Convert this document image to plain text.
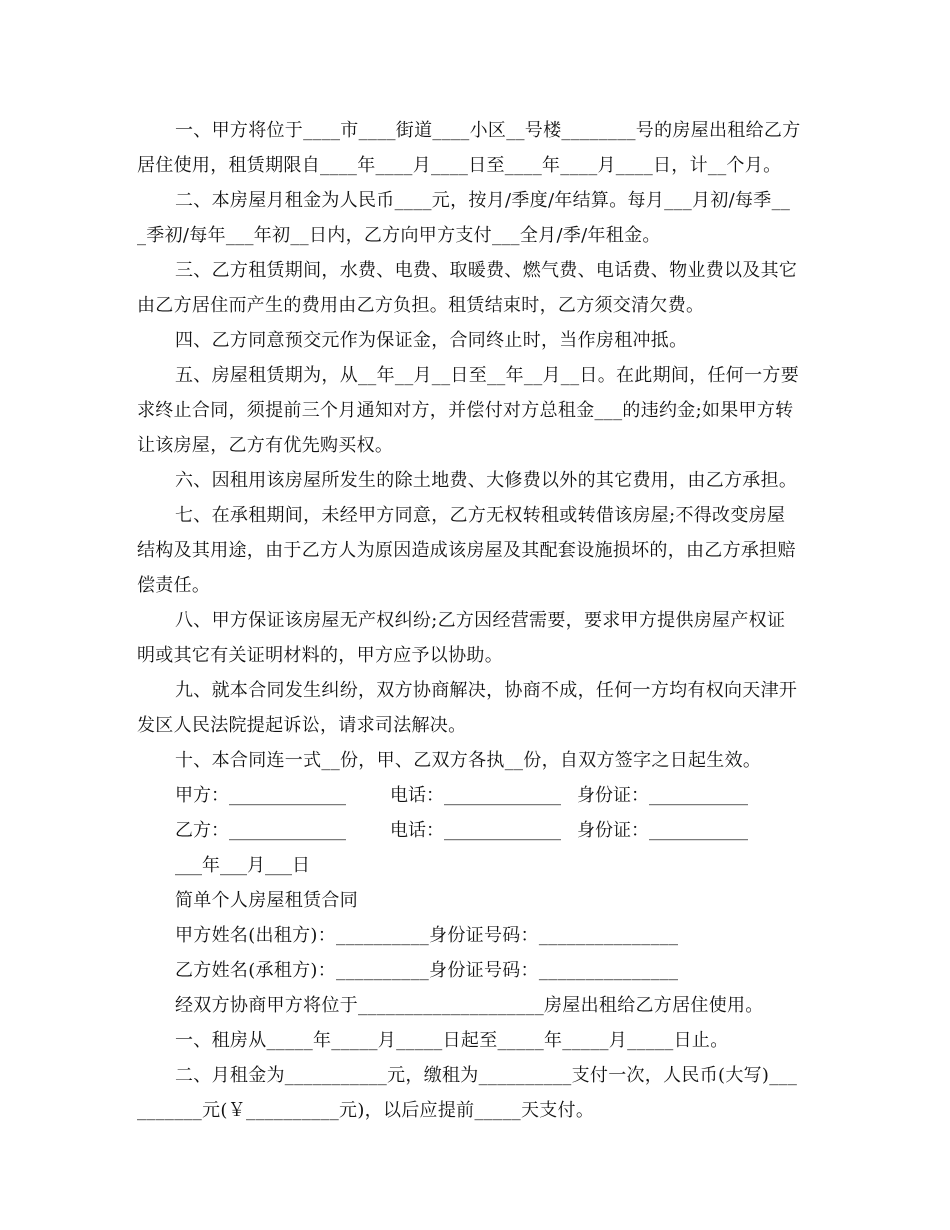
一、甲方将位于____市____街道____小区__号楼________号的房屋出租给乙方
居住使用，租赁期限自____年____月____日至____年____月____日，计__个月。
二、本房屋月租金为人民币____元，按月/季度/年结算。每月___月初/每季__
_季初/每年___年初__日内，乙方向甲方支付___全月/季/年租金。
三、乙方租赁期间，水费、电费、取暖费、燃气费、电话费、物业费以及其它
由乙方居住而产生的费用由乙方负担。租赁结束时，乙方须交清欠费。
四、乙方同意预交元作为保证金，合同终止时，当作房租冲抵。
五、房屋租赁期为，从__年__月__日至__年__月__日。在此期间，任何一方要
求终止合同，须提前三个月通知对方，并偿付对方总租金___的违约金;如果甲方转
让该房屋，乙方有优先购买权。
六、因租用该房屋所发生的除土地费、大修费以外的其它费用，由乙方承担。
七、在承租期间，未经甲方同意，乙方无权转租或转借该房屋;不得改变房屋
结构及其用途，由于乙方人为原因造成该房屋及其配套设施损坏的，由乙方承担赔
偿责任。
八、甲方保证该房屋无产权纠纷;乙方因经营需要，要求甲方提供房屋产权证
明或其它有关证明材料的，甲方应予以协助。
九、就本合同发生纠纷，双方协商解决，协商不成，任何一方均有权向天津开
发区人民法院提起诉讼，请求司法解决。
十、本合同连一式__份，甲、乙双方各执__份，自双方签字之日起生效。
甲方：_____________ 电话：_____________ 身份证：___________
乙方：_____________ 电话：_____________ 身份证：___________
___年___月___日
简单个人房屋租赁合同
甲方姓名(出租方)：__________身份证号码：_______________
乙方姓名(承租方)：__________身份证号码：_______________
经双方协商甲方将位于____________________房屋出租给乙方居住使用。
一、租房从_____年_____月_____日起至_____年_____月_____日止。
二、月租金为___________元，缴租为__________支付一次，人民币(大写)___
_______元(￥__________元)，以后应提前_____天支付。
